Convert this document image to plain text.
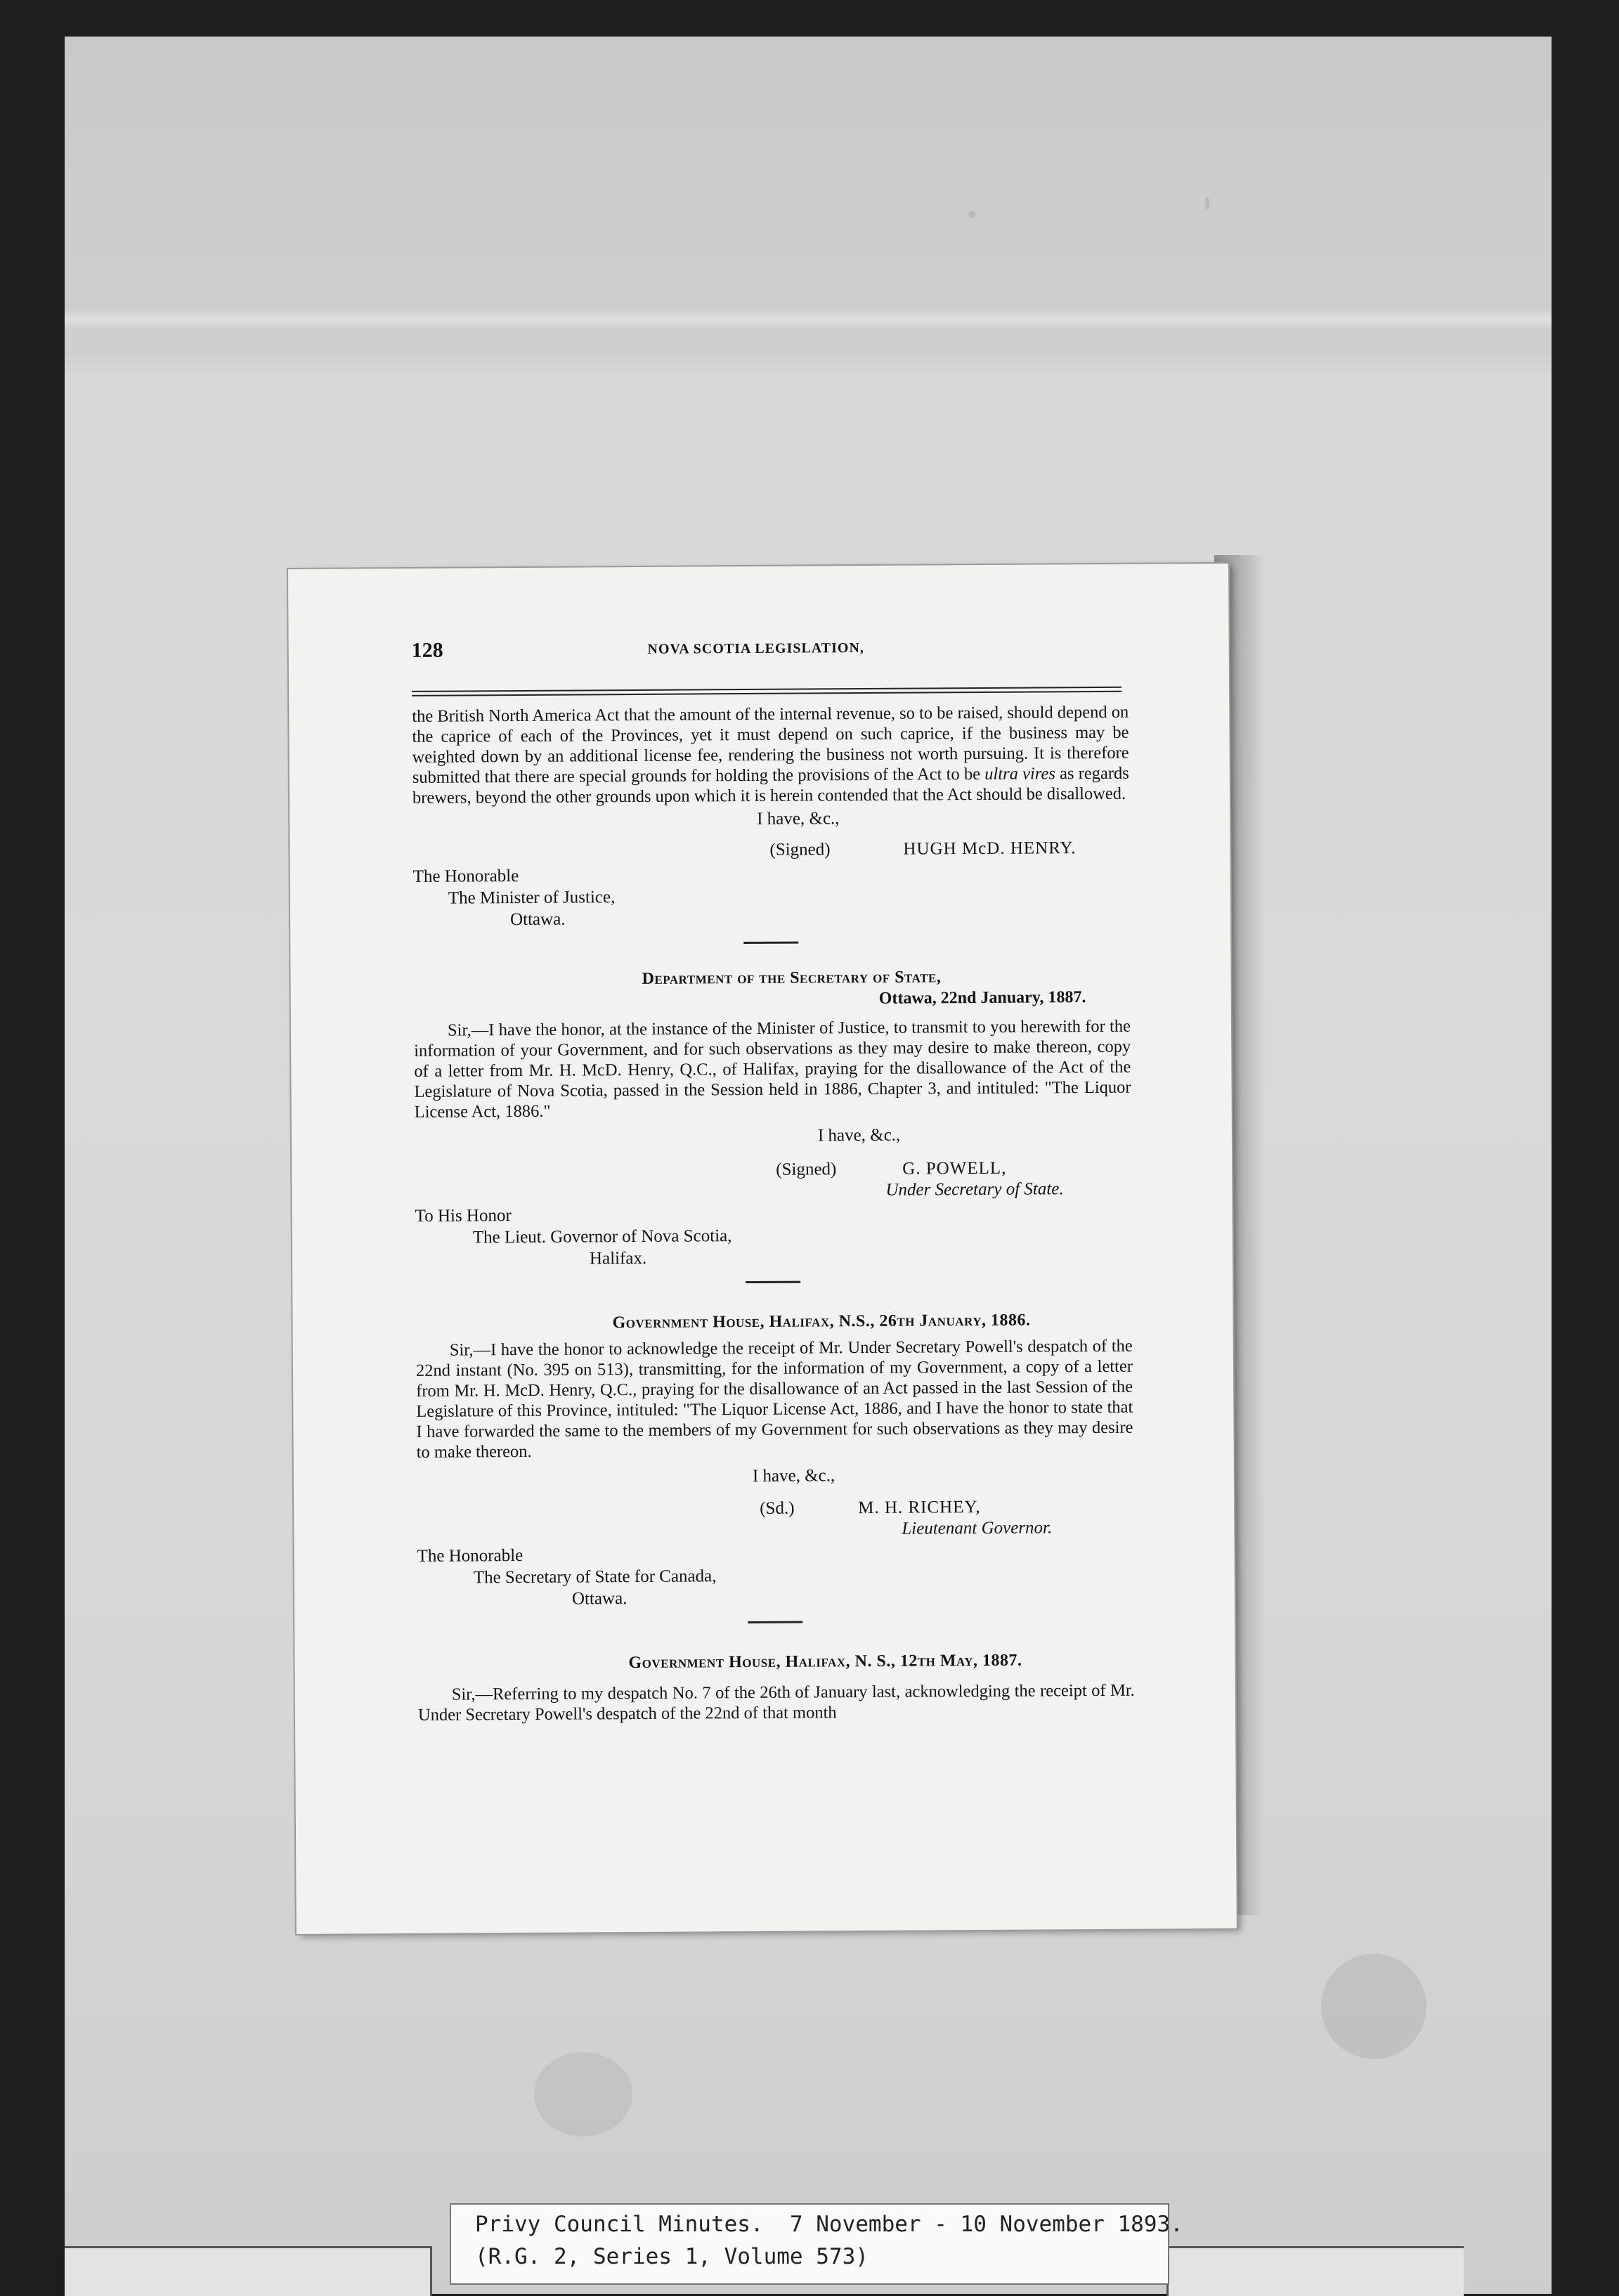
128	NOVA SCOTIA LEGISLATION,
the British North America Act that the amount of the internal revenue, so to be raised, should depend on the caprice of each of the Provinces, yet it must depend on such caprice, if the business may be weighted down by an additional license fee, rendering the business not worth pursuing. It is therefore submitted that there are special grounds for holding the provisions of the Act to be ultra vires as regards brewers, beyond the other grounds upon which it is herein contended that the Act should be disallowed.
I have, &c.,
(Signed)	HUGH McD. HENRY.
The Honorable
The Minister of Justice,
Ottawa.
Department of the Secretary of State,
Ottawa, 22nd January, 1887.
Sir,—I have the honor, at the instance of the Minister of Justice, to transmit to you herewith for the information of your Government, and for such observations as they may desire to make thereon, copy of a letter from Mr. H. McD. Henry, Q.C., of Halifax, praying for the disallowance of the Act of the Legislature of Nova Scotia, passed in the Session held in 1886, Chapter 3, and intituled: "The Liquor License Act, 1886."
I have, &c.,
(Signed)	G. POWELL,
Under Secretary of State.
To His Honor
The Lieut. Governor of Nova Scotia,
Halifax.
Government House, Halifax, N.S., 26th January, 1886.
Sir,—I have the honor to acknowledge the receipt of Mr. Under Secretary Powell's despatch of the 22nd instant (No. 395 on 513), transmitting, for the information of my Government, a copy of a letter from Mr. H. McD. Henry, Q.C., praying for the disallowance of an Act passed in the last Session of the Legislature of this Province, intituled: "The Liquor License Act, 1886, and I have the honor to state that I have forwarded the same to the members of my Government for such observations as they may desire to make thereon.
I have, &c.,
(Sd.)	M. H. RICHEY,
Lieutenant Governor.
The Honorable
The Secretary of State for Canada,
Ottawa.
Government House, Halifax, N. S., 12th May, 1887.
Sir,—Referring to my despatch No. 7 of the 26th of January last, acknowledging the receipt of Mr. Under Secretary Powell's despatch of the 22nd of that month
Privy Council Minutes.  7 November - 10 November 1893.
(R.G. 2, Series 1, Volume 573)
